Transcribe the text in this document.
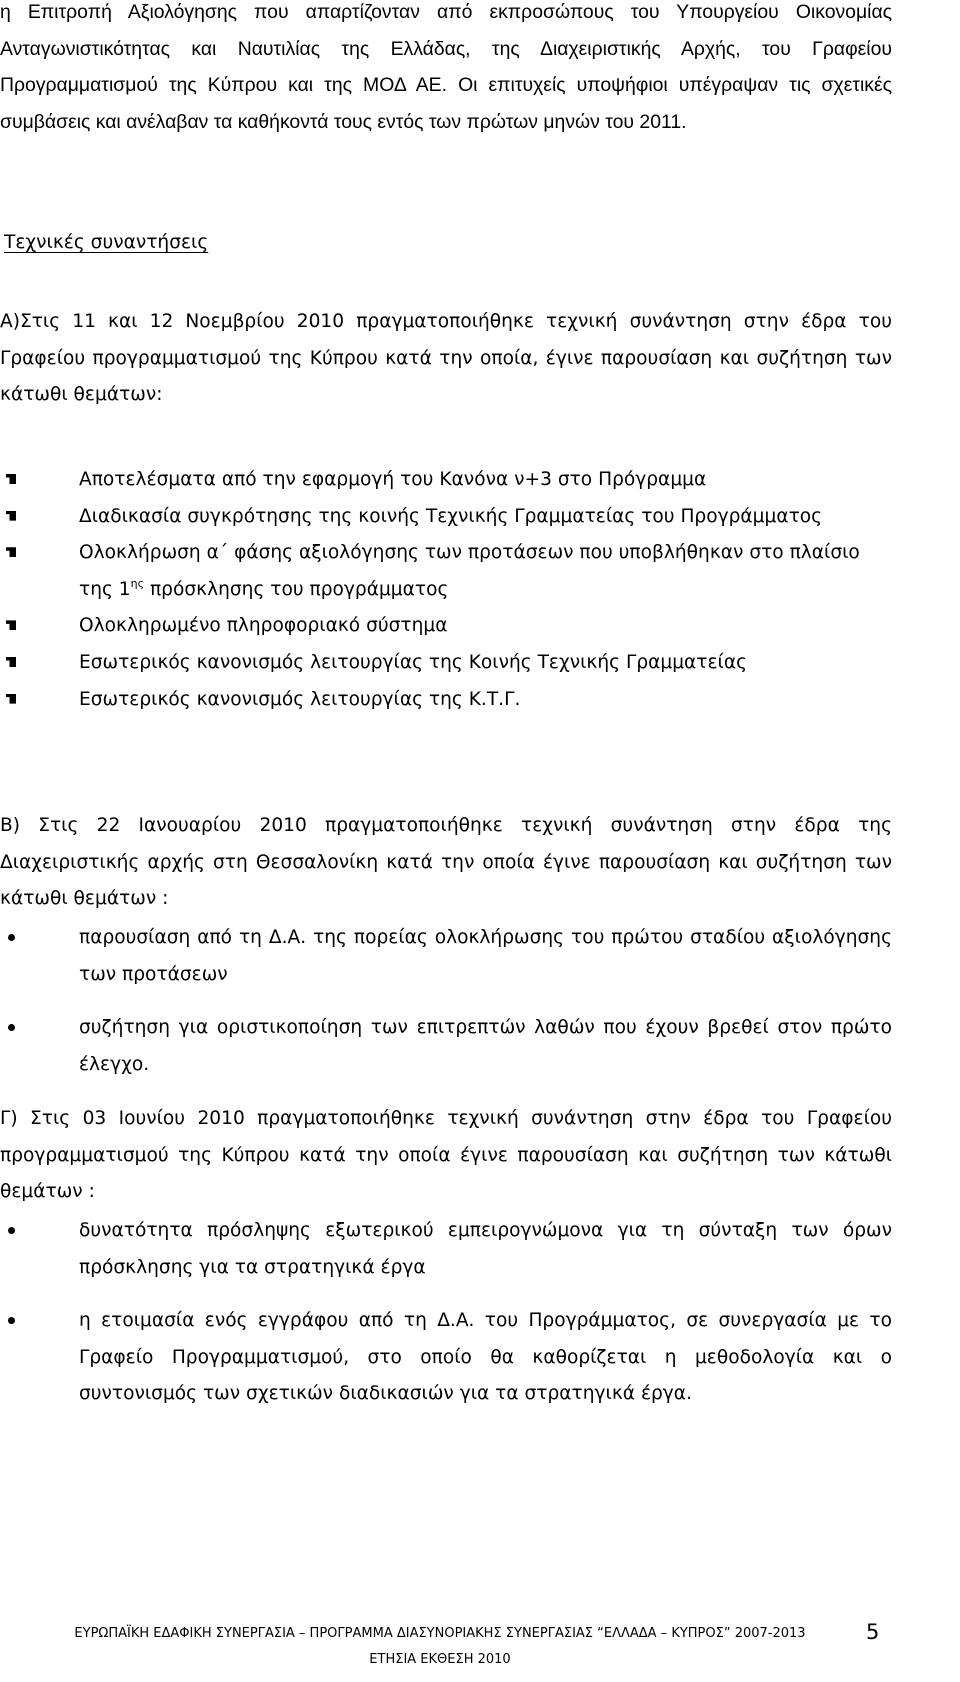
η Επιτροπή Αξιολόγησης που απαρτίζονταν από εκπροσώπους του Υπουργείου Οικονομίας Ανταγωνιστικότητας και Ναυτιλίας της Ελλάδας, της Διαχειριστικής Αρχής, του Γραφείου Προγραμματισμού της Κύπρου και της ΜΟΔ ΑΕ. Οι επιτυχείς υποψήφιοι υπέγραψαν τις σχετικές συμβάσεις και ανέλαβαν τα καθήκοντά τους εντός των πρώτων μηνών του 2011.

Τεχνικές συναντήσεις

Α)Στις 11 και 12 Νοεμβρίου 2010 πραγματοποιήθηκε τεχνική συνάντηση στην έδρα του Γραφείου προγραμματισμού της Κύπρου κατά την οποία, έγινε παρουσίαση και συζήτηση των κάτωθι θεμάτων:

Αποτελέσματα από την εφαρμογή του Κανόνα ν+3 στο Πρόγραμμα
Διαδικασία συγκρότησης της κοινής Τεχνικής Γραμματείας του Προγράμματος
Ολοκλήρωση α΄ φάσης αξιολόγησης των προτάσεων που υποβλήθηκαν στο πλαίσιο της $1^{\eta\varsigma}$ πρόσκλησης του προγράμματος
Ολοκληρωμένο πληροφοριακό σύστημα
Εσωτερικός κανονισμός λειτουργίας της Κοινής Τεχνικής Γραμματείας
Εσωτερικός κανονισμός λειτουργίας της Κ.Τ.Γ.

Β) Στις 22 Ιανουαρίου 2010 πραγματοποιήθηκε τεχνική συνάντηση στην έδρα της Διαχειριστικής αρχής στη Θεσσαλονίκη κατά την οποία έγινε παρουσίαση και συζήτηση των κάτωθι θεμάτων :

παρουσίαση από τη Δ.Α. της πορείας ολοκλήρωσης του πρώτου σταδίου αξιολόγησης των προτάσεων
συζήτηση για οριστικοποίηση των επιτρεπτών λαθών που έχουν βρεθεί στον πρώτο έλεγχο.

Γ) Στις 03 Ιουνίου 2010 πραγματοποιήθηκε τεχνική συνάντηση στην έδρα του Γραφείου προγραμματισμού της Κύπρου κατά την οποία έγινε παρουσίαση και συζήτηση των κάτωθι θεμάτων :

δυνατότητα πρόσληψης εξωτερικού εμπειρογνώμονα για τη σύνταξη των όρων πρόσκλησης για τα στρατηγικά έργα
η ετοιμασία ενός εγγράφου από τη Δ.Α. του Προγράμματος, σε συνεργασία με το Γραφείο Προγραμματισμού, στο οποίο θα καθορίζεται η μεθοδολογία και ο συντονισμός των σχετικών διαδικασιών για τα στρατηγικά έργα.
ΕΥΡΩΠΑΪΚΗ ΕΔΑΦΙΚΗ ΣΥΝΕΡΓΑΣΙΑ – ΠΡΟΓΡΑΜΜΑ ΔΙΑΣΥΝΟΡΙΑΚΗΣ ΣΥΝΕΡΓΑΣΙΑΣ “ΕΛΛΑΔΑ – ΚΥΠΡΟΣ” 2007-2013
ΕΤΗΣΙΑ ΕΚΘΕΣΗ 2010
5
